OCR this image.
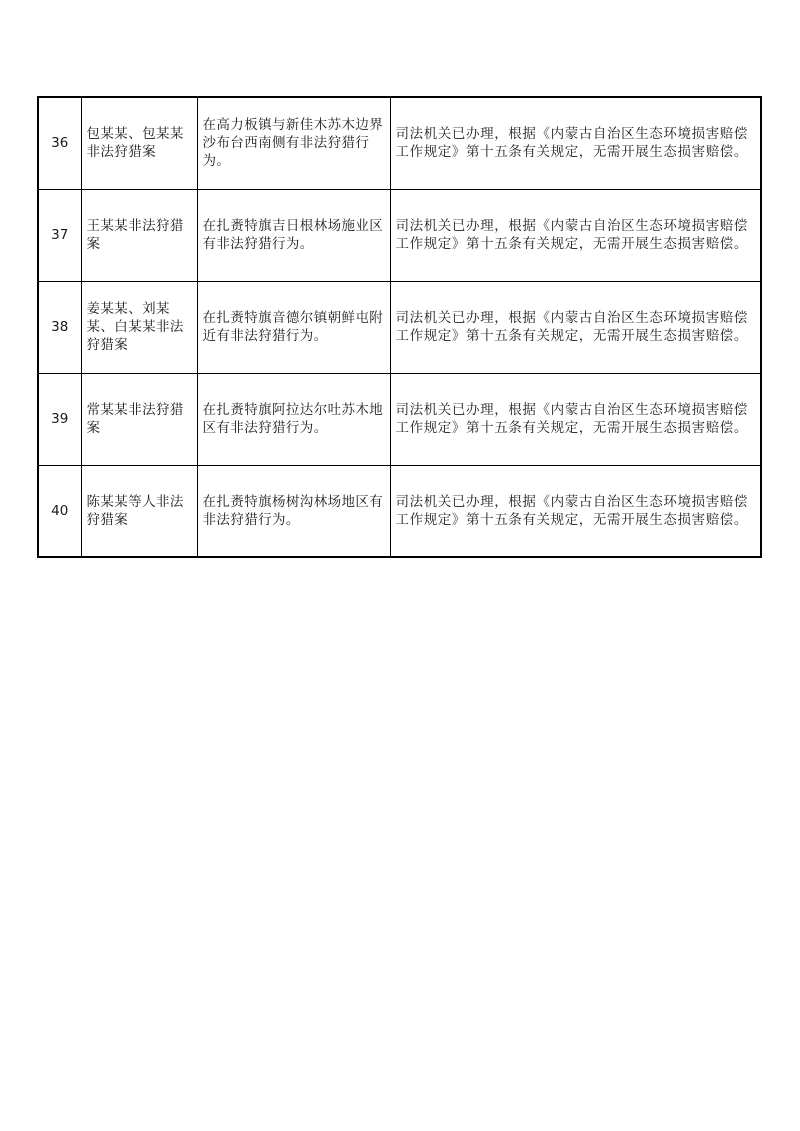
36	包某某、包某某非法狩猎案	在高力板镇与新佳木苏木边界沙布台西南侧有非法狩猎行为。	司法机关已办理，根据《内蒙古自治区生态环境损害赔偿工作规定》第十五条有关规定，无需开展生态损害赔偿。
37	王某某非法狩猎案	在扎赉特旗吉日根林场施业区有非法狩猎行为。	司法机关已办理，根据《内蒙古自治区生态环境损害赔偿工作规定》第十五条有关规定，无需开展生态损害赔偿。
38	姜某某、刘某某、白某某非法狩猎案	在扎赉特旗音德尔镇朝鲜屯附近有非法狩猎行为。	司法机关已办理，根据《内蒙古自治区生态环境损害赔偿工作规定》第十五条有关规定，无需开展生态损害赔偿。
39	常某某非法狩猎案	在扎赉特旗阿拉达尔吐苏木地区有非法狩猎行为。	司法机关已办理，根据《内蒙古自治区生态环境损害赔偿工作规定》第十五条有关规定，无需开展生态损害赔偿。
40	陈某某等人非法狩猎案	在扎赉特旗杨树沟林场地区有非法狩猎行为。	司法机关已办理，根据《内蒙古自治区生态环境损害赔偿工作规定》第十五条有关规定，无需开展生态损害赔偿。
